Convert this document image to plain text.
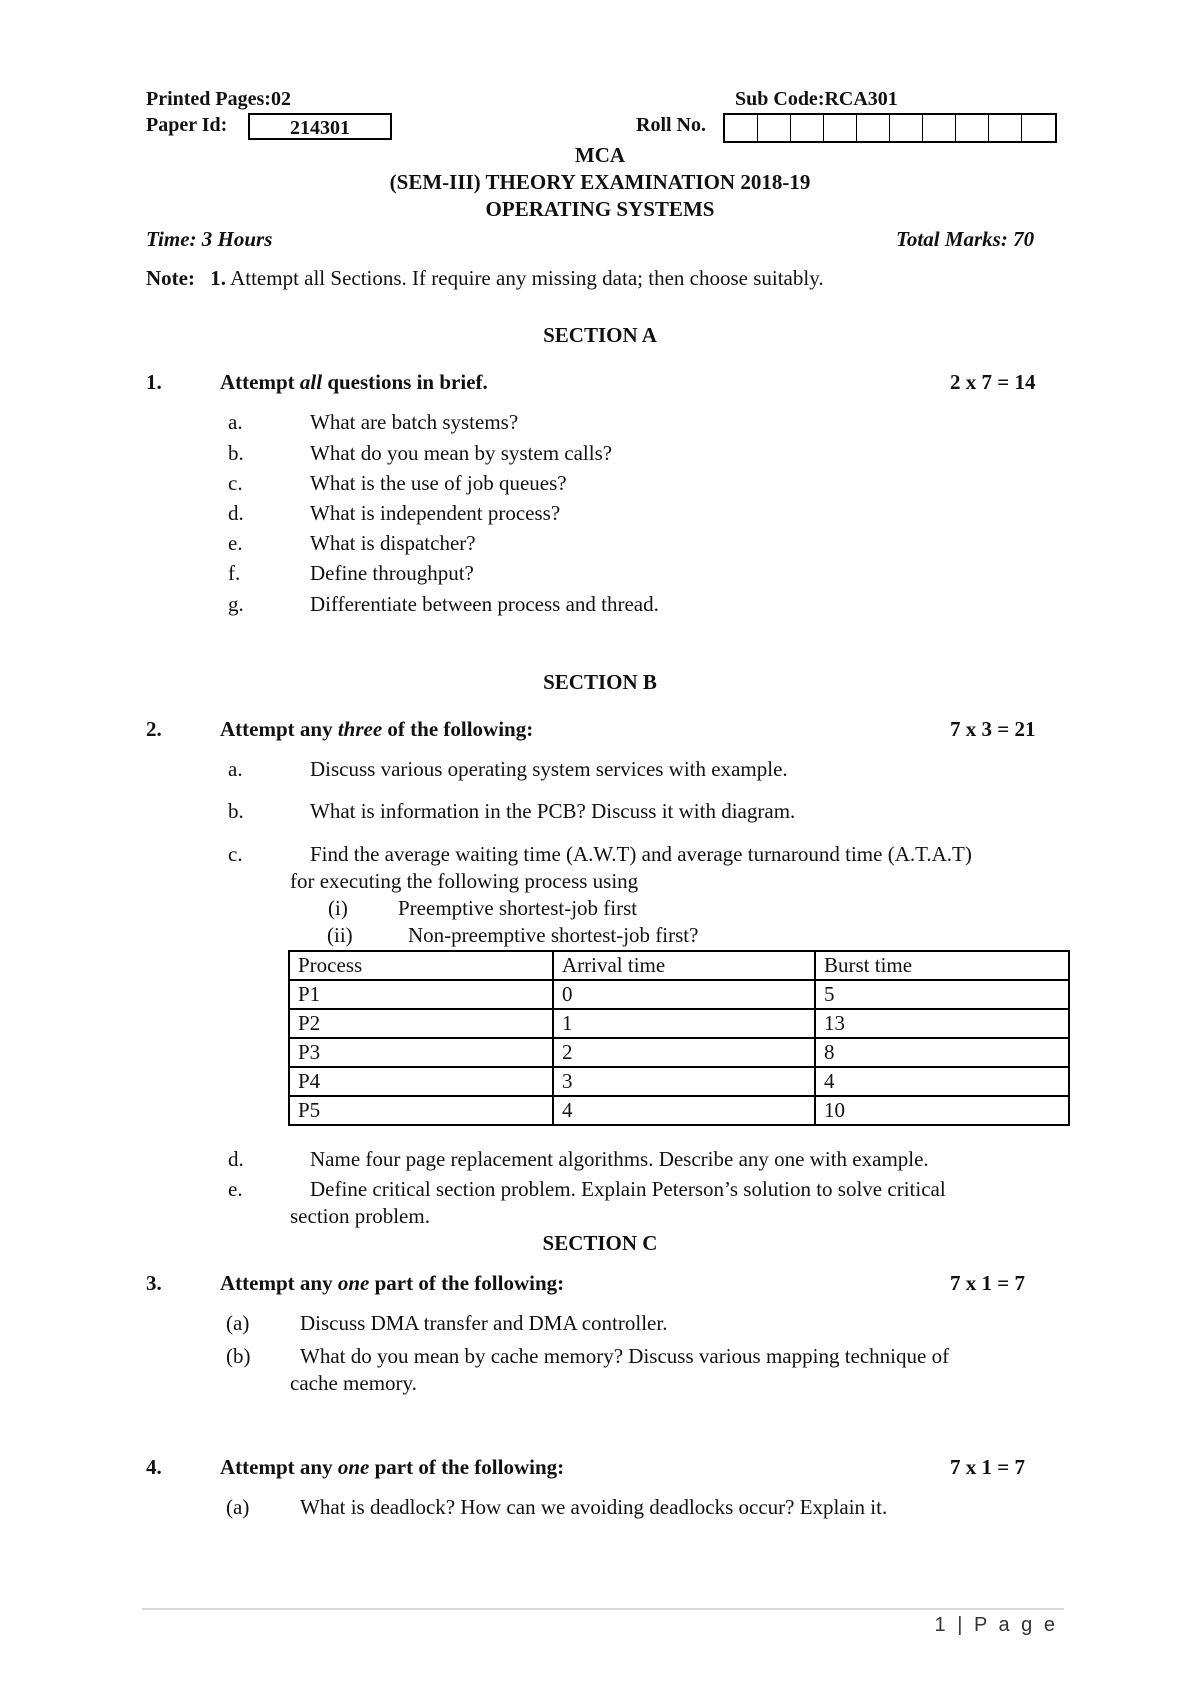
Printed Pages:02	Sub Code:RCA301
Paper Id:	214301	Roll No.
MCA
(SEM-III) THEORY EXAMINATION 2018-19
OPERATING SYSTEMS
Time: 3 Hours	Total Marks: 70
Note: 1. Attempt all Sections. If require any missing data; then choose suitably.
SECTION A
1.	Attempt all questions in brief.	2 x 7 = 14
a.	What are batch systems?
b.	What do you mean by system calls?
c.	What is the use of job queues?
d.	What is independent process?
e.	What is dispatcher?
f.	Define throughput?
g.	Differentiate between process and thread.
SECTION B
2.	Attempt any three of the following:	7 x 3 = 21
a.	Discuss various operating system services with example.
b.	What is information in the PCB? Discuss it with diagram.
c.	Find the average waiting time (A.W.T) and average turnaround time (A.T.A.T)
for executing the following process using
(i) Preemptive shortest-job first
(ii)	Non-preemptive shortest-job first?
Process	Arrival time	Burst time
P1	0	5
P2	1	13
P3	2	8
P4	3	4
P5	4	10
d.	Name four page replacement algorithms. Describe any one with example.
e.	Define critical section problem. Explain Peterson’s solution to solve critical
section problem.
SECTION C
3.	Attempt any one part of the following:	7 x 1 = 7
(a) Discuss DMA transfer and DMA controller.
(b) What do you mean by cache memory? Discuss various mapping technique of
cache memory.
4.	Attempt any one part of the following:	7 x 1 = 7
(a) What is deadlock? How can we avoiding deadlocks occur? Explain it.
1 | P a g e
